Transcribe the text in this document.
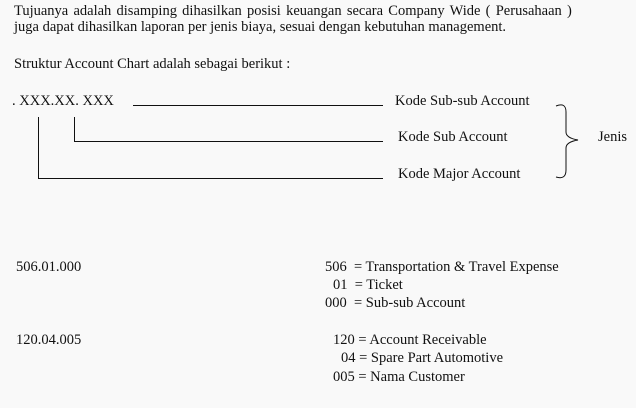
Tujuanya adalah disamping dihasilkan posisi keuangan secara Company Wide ( Perusahaan )
juga dapat dihasilkan laporan per jenis biaya, sesuai dengan kebutuhan management.
Struktur Account Chart adalah sebagai berikut :
. XXX.XX. XXX	Kode Sub-sub Account
Kode Sub Account
Kode Major Account
Jenis
506.01.000	506  = Transportation & Travel Expense
01  = Ticket
000  = Sub-sub Account
120.04.005	120 = Account Receivable
04 = Spare Part Automotive
005 = Nama Customer
